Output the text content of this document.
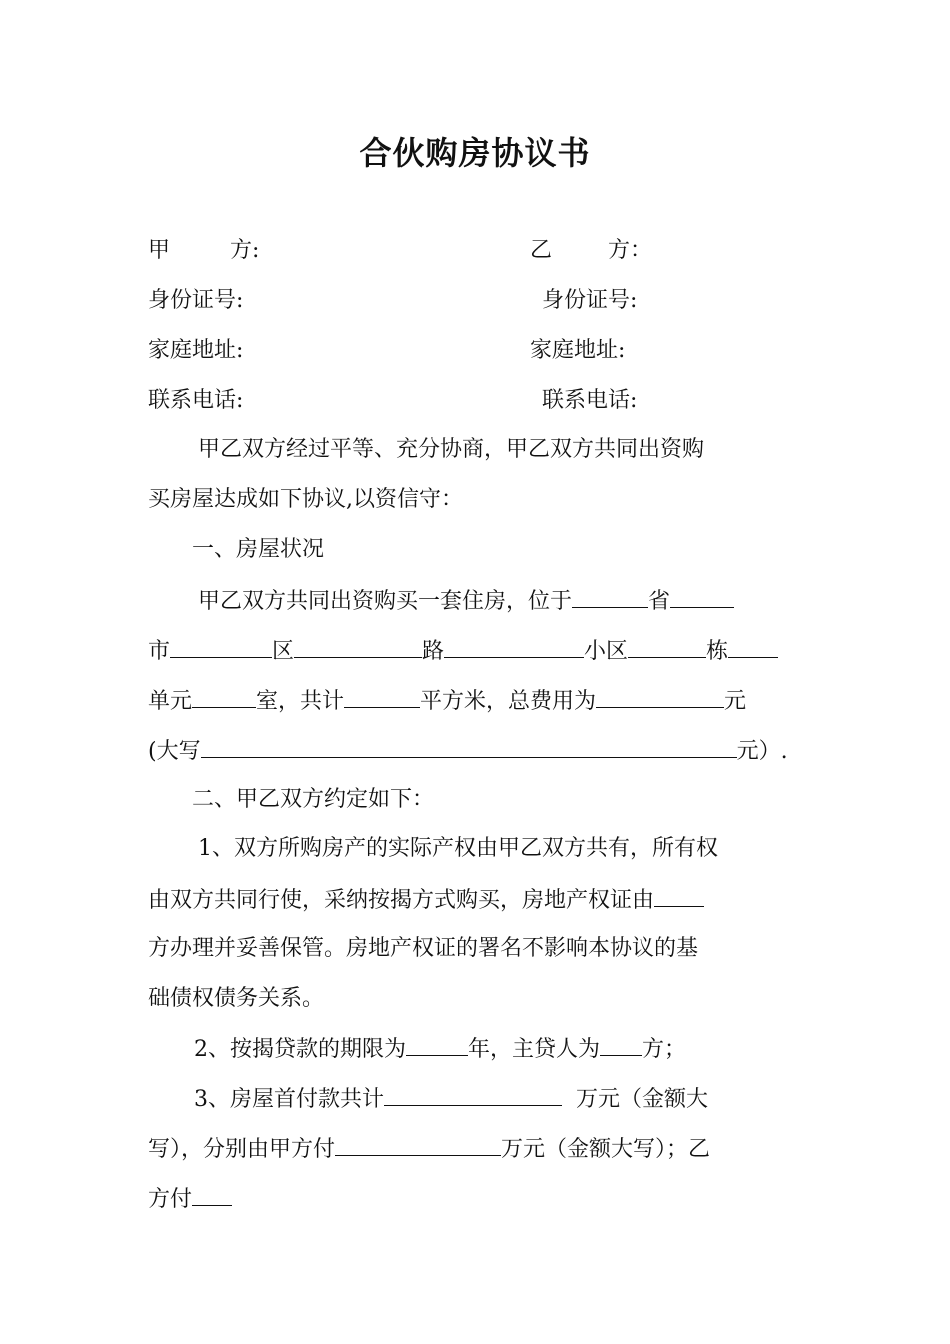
合伙购房协议书
甲	方:	乙	方：
身份证号:	身份证号:
家庭地址:	家庭地址:
联系电话:	联系电话:
甲乙双方经过平等、充分协商，甲乙双方共同出资购
买房屋达成如下协议,以资信守：
一、房屋状况
甲乙双方共同出资购买一套住房，位于	省
市	区	路	小区	栋
单元	室，共计	平方米，总费用为	元
(大写	元）.
二、甲乙双方约定如下：
1、双方所购房产的实际产权由甲乙双方共有，所有权
由双方共同行使，采纳按揭方式购买，房地产权证由
方办理并妥善保管。房地产权证的署名不影响本协议的基
础债权债务关系。
2、按揭贷款的期限为	年，主贷人为 方；
3、房屋首付款共计	万元（金额大
写），分别由甲方付	万元（金额大写）；乙
方付
